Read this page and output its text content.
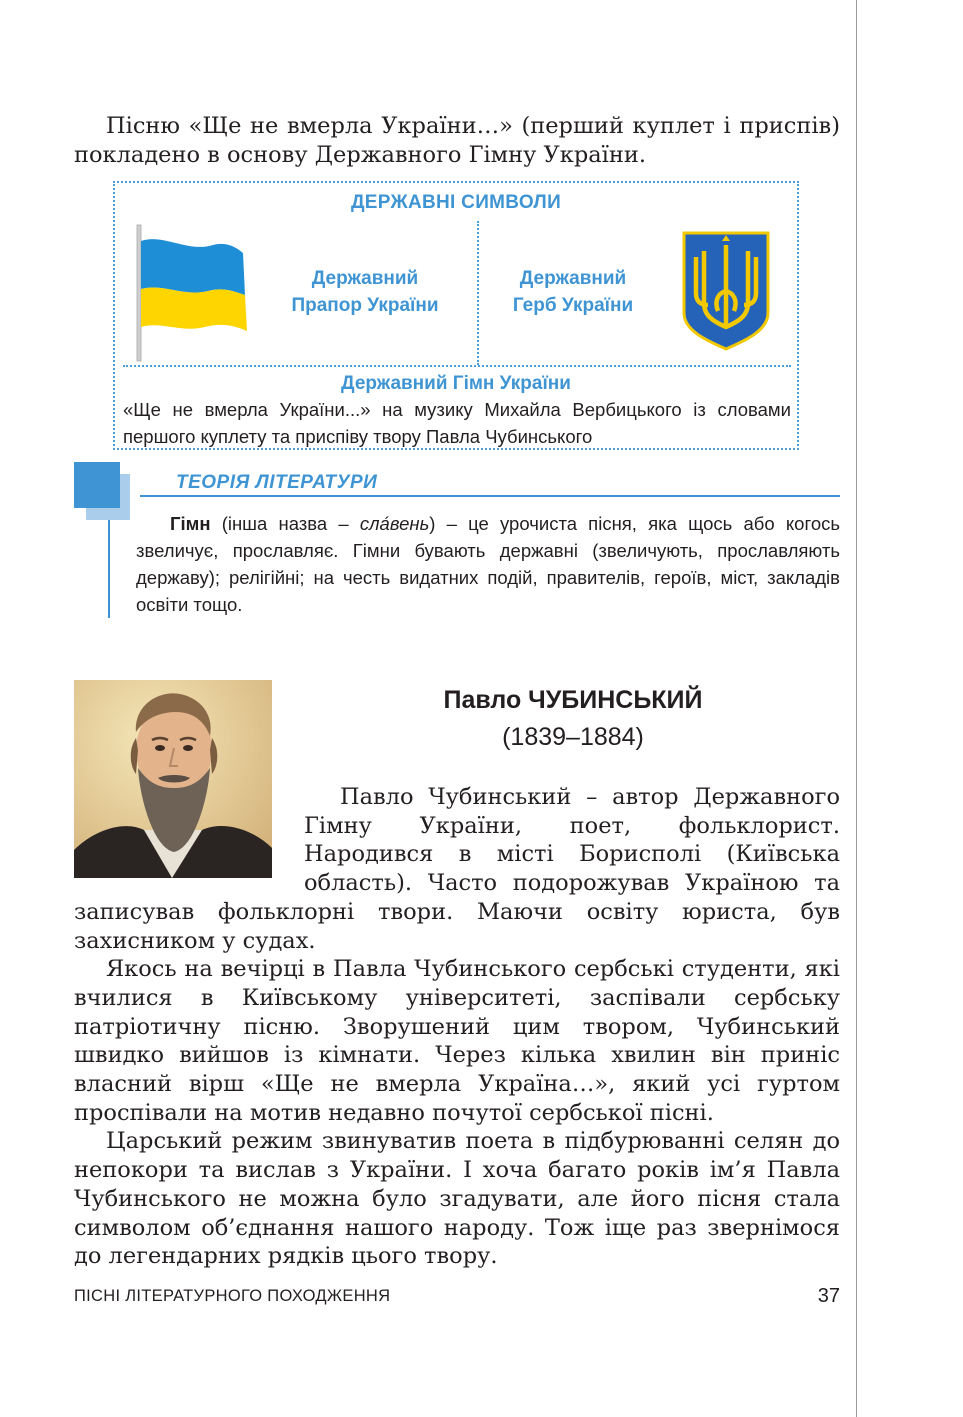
Пісню «Ще не вмерла України…» (перший куплет і приспів) покладено в основу Державного Гімну України.

ДЕРЖАВНІ СИМВОЛИ
Державний
Прапор України
Державний
Герб України
Державний Гімн України

«Ще не вмерла України...» на музику Михайла Вербицького із словами першого куплету та приспіву твору Павла Чубинського

ТЕОРІЯ ЛІТЕРАТУРИ

Гімн (інша назва – сла́вень) – це урочиста пісня, яка щось або когось звеличує, прославляє. Гімни бувають державні (звеличують, прославляють державу); релігійні; на честь видатних подій, правителів, героїв, міст, закладів освіти тощо.

Павло ЧУБИНСЬКИЙ
(1839–1884)

Павло Чубинський – автор Державного Гімну України, поет, фольклорист. Народився в місті Борисполі (Київська область). Часто подорожував Україною та записував фольклорні твори. Маючи освіту юриста, був захисником у судах.

Якось на вечірці в Павла Чубинського сербські студенти, які вчилися в Київському університеті, заспівали сербську патріотичну пісню. Зворушений цим твором, Чубинський швидко вийшов із кімнати. Через кілька хвилин він приніс власний вірш «Ще не вмерла Україна…», який усі гуртом проспівали на мотив недавно почутої сербської пісні.

Царський режим звинуватив поета в підбурюванні селян до непокори та вислав з України. І хоча багато років ім’я Павла Чубинського не можна було згадувати, але його пісня стала символом об’єднання нашого народу. Тож іще раз звернімося до легендарних рядків цього твору.

ПІСНІ ЛІТЕРАТУРНОГО ПОХОДЖЕННЯ	37
